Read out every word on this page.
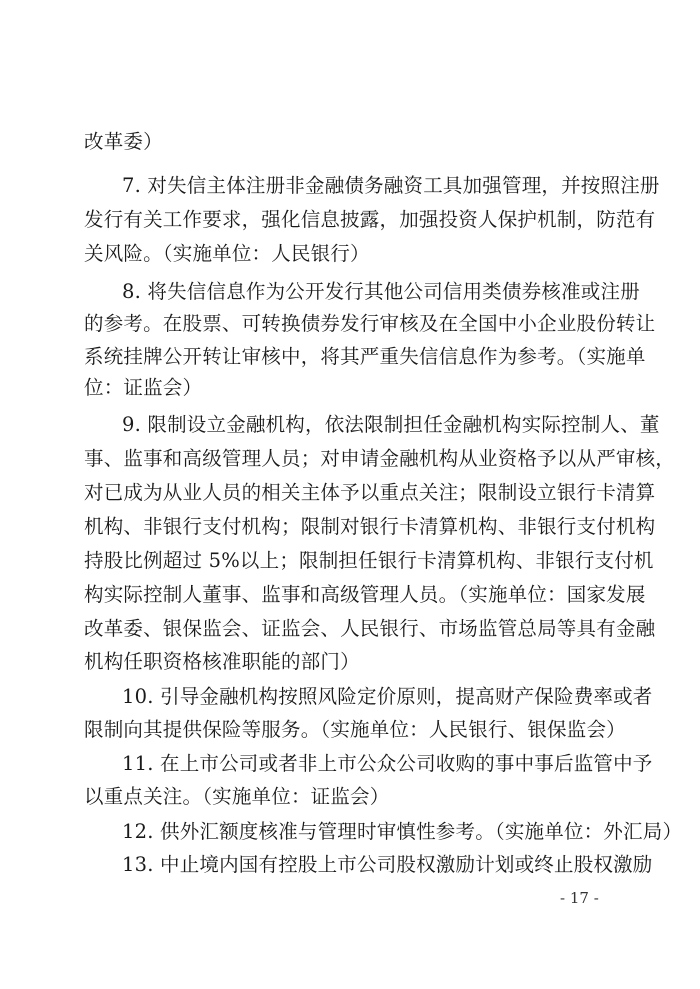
改革委）
7. 对失信主体注册非金融债务融资工具加强管理，并按照注册
发行有关工作要求，强化信息披露，加强投资人保护机制，防范有
关风险。（实施单位：人民银行）
8. 将失信信息作为公开发行其他公司信用类债券核准或注册
的参考。在股票、可转换债券发行审核及在全国中小企业股份转让
系统挂牌公开转让审核中，将其严重失信信息作为参考。（实施单
位：证监会）
9. 限制设立金融机构，依法限制担任金融机构实际控制人、董
事、监事和高级管理人员；对申请金融机构从业资格予以从严审核，
对已成为从业人员的相关主体予以重点关注；限制设立银行卡清算
机构、非银行支付机构；限制对银行卡清算机构、非银行支付机构
持股比例超过 5%以上；限制担任银行卡清算机构、非银行支付机
构实际控制人董事、监事和高级管理人员。（实施单位：国家发展
改革委、银保监会、证监会、人民银行、市场监管总局等具有金融
机构任职资格核准职能的部门）
10. 引导金融机构按照风险定价原则，提高财产保险费率或者
限制向其提供保险等服务。（实施单位：人民银行、银保监会）
11. 在上市公司或者非上市公众公司收购的事中事后监管中予
以重点关注。（实施单位：证监会）
12. 供外汇额度核准与管理时审慎性参考。（实施单位：外汇局）
13. 中止境内国有控股上市公司股权激励计划或终止股权激励
- 17 -
